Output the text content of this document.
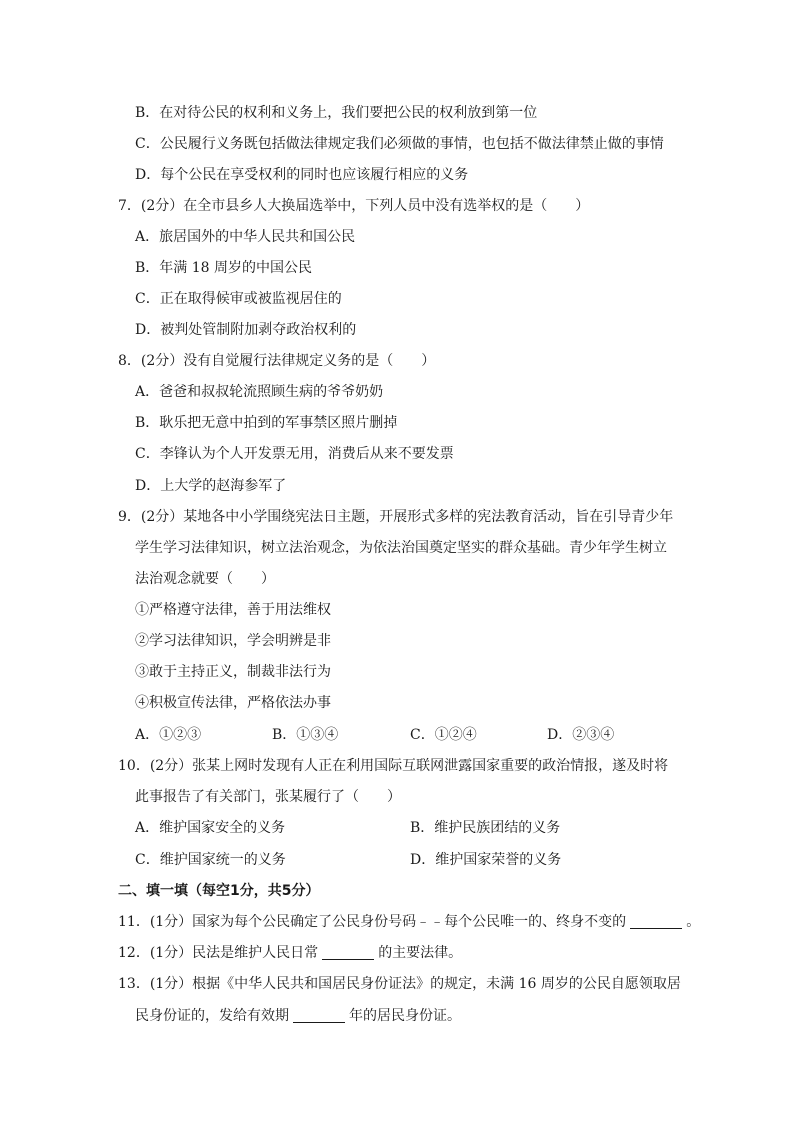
B．在对待公民的权利和义务上，我们要把公民的权利放到第一位
C．公民履行义务既包括做法律规定我们必须做的事情，也包括不做法律禁止做的事情
D．每个公民在享受权利的同时也应该履行相应的义务
7．(2分）在全市县乡人大换届选举中，下列人员中没有选举权的是（　　）
A．旅居国外的中华人民共和国公民
B．年满 18 周岁的中国公民
C．正在取得候审或被监视居住的
D．被判处管制附加剥夺政治权利的
8．(2分）没有自觉履行法律规定义务的是（　　）
A．爸爸和叔叔轮流照顾生病的爷爷奶奶
B．耿乐把无意中拍到的军事禁区照片删掉
C．李锋认为个人开发票无用，消费后从来不要发票
D．上大学的赵海参军了
9．(2分）某地各中小学围绕宪法日主题，开展形式多样的宪法教育活动，旨在引导青少年
学生学习法律知识，树立法治观念，为依法治国奠定坚实的群众基础。青少年学生树立
法治观念就要（　　）
①严格遵守法律，善于用法维权
②学习法律知识，学会明辨是非
③敢于主持正义，制裁非法行为
④积极宣传法律，严格依法办事
A．①②③	B．①③④	C．①②④	D．②③④
10．(2分）张某上网时发现有人正在利用国际互联网泄露国家重要的政治情报，遂及时将
此事报告了有关部门，张某履行了（　　）
A．维护国家安全的义务	B．维护民族团结的义务
C．维护国家统一的义务	D．维护国家荣誉的义务
二、填一填（每空1分，共5分）
11．(1分）国家为每个公民确定了公民身份号码﹣﹣每个公民唯一的、终身不变的	。
12．(1分）民法是维护人民日常	的主要法律。
13．(1分）根据《中华人民共和国居民身份证法》的规定，未满 16 周岁的公民自愿领取居
民身份证的，发给有效期	年的居民身份证。
